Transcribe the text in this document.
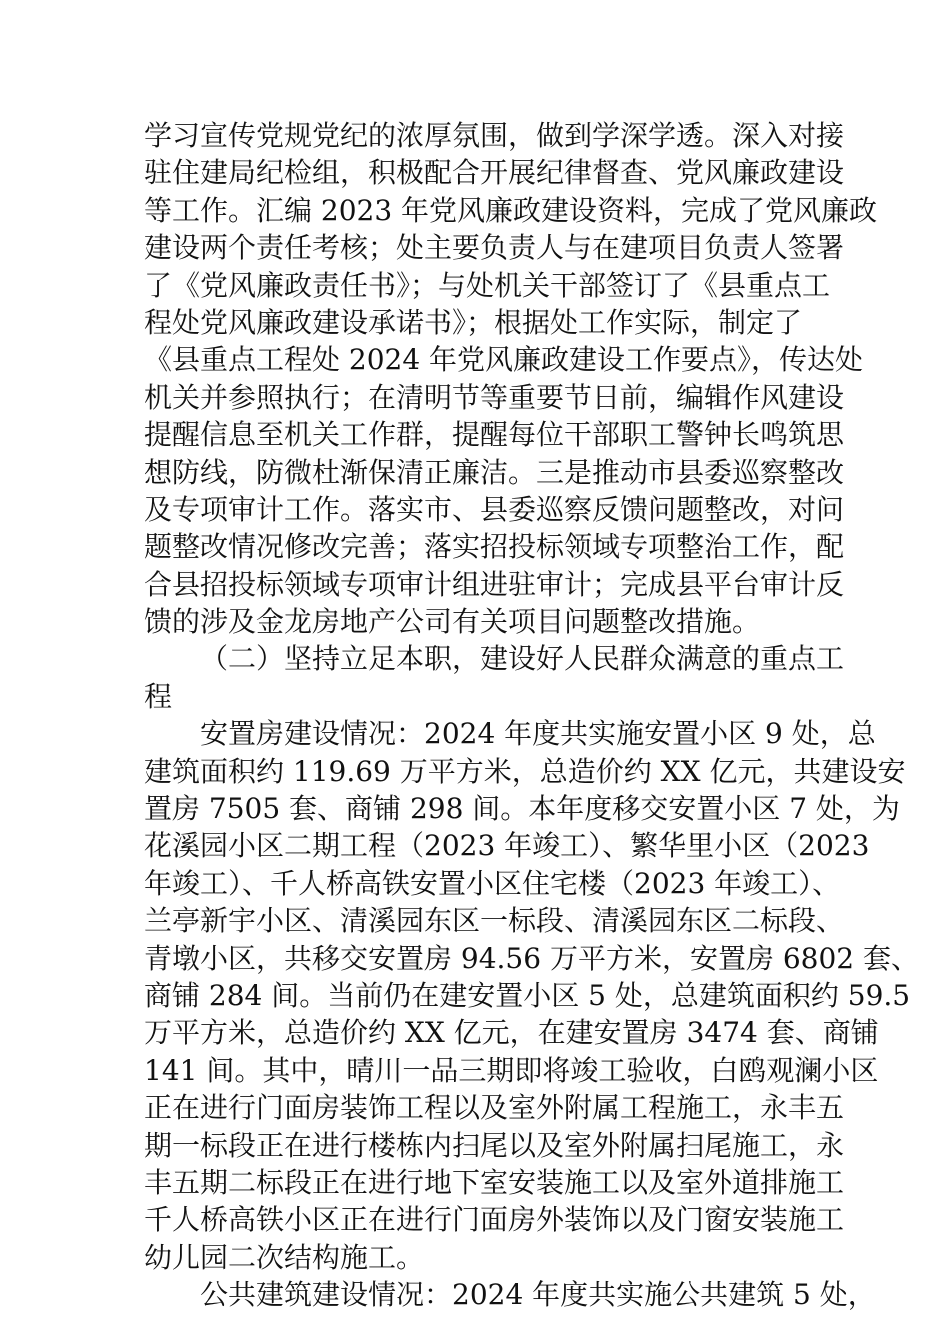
学习宣传党规党纪的浓厚氛围，做到学深学透。深入对接
驻住建局纪检组，积极配合开展纪律督查、党风廉政建设
等工作。汇编 2023 年党风廉政建设资料，完成了党风廉政
建设两个责任考核；处主要负责人与在建项目负责人签署
了《党风廉政责任书》；与处机关干部签订了《县重点工
程处党风廉政建设承诺书》；根据处工作实际，制定了
《县重点工程处 2024 年党风廉政建设工作要点》，传达处
机关并参照执行；在清明节等重要节日前，编辑作风建设
提醒信息至机关工作群，提醒每位干部职工警钟长鸣筑思
想防线，防微杜渐保清正廉洁。三是推动市县委巡察整改
及专项审计工作。落实市、县委巡察反馈问题整改，对问
题整改情况修改完善；落实招投标领域专项整治工作，配
合县招投标领域专项审计组进驻审计；完成县平台审计反
馈的涉及金龙房地产公司有关项目问题整改措施。
（二）坚持立足本职，建设好人民群众满意的重点工
程
安置房建设情况：2024 年度共实施安置小区 9 处，总
建筑面积约 119.69 万平方米，总造价约 XX 亿元，共建设安
置房 7505 套、商铺 298 间。本年度移交安置小区 7 处，为
花溪园小区二期工程（2023 年竣工）、繁华里小区（2023
年竣工）、千人桥高铁安置小区住宅楼（2023 年竣工）、
兰亭新宇小区、清溪园东区一标段、清溪园东区二标段、
青墩小区，共移交安置房 94.56 万平方米，安置房 6802 套、
商铺 284 间。当前仍在建安置小区 5 处，总建筑面积约 59.5
万平方米，总造价约 XX 亿元，在建安置房 3474 套、商铺
141 间。其中，晴川一品三期即将竣工验收，白鸥观澜小区
正在进行门面房装饰工程以及室外附属工程施工，永丰五
期一标段正在进行楼栋内扫尾以及室外附属扫尾施工，永
丰五期二标段正在进行地下室安装施工以及室外道排施工
千人桥高铁小区正在进行门面房外装饰以及门窗安装施工
幼儿园二次结构施工。
公共建筑建设情况：2024 年度共实施公共建筑 5 处，
